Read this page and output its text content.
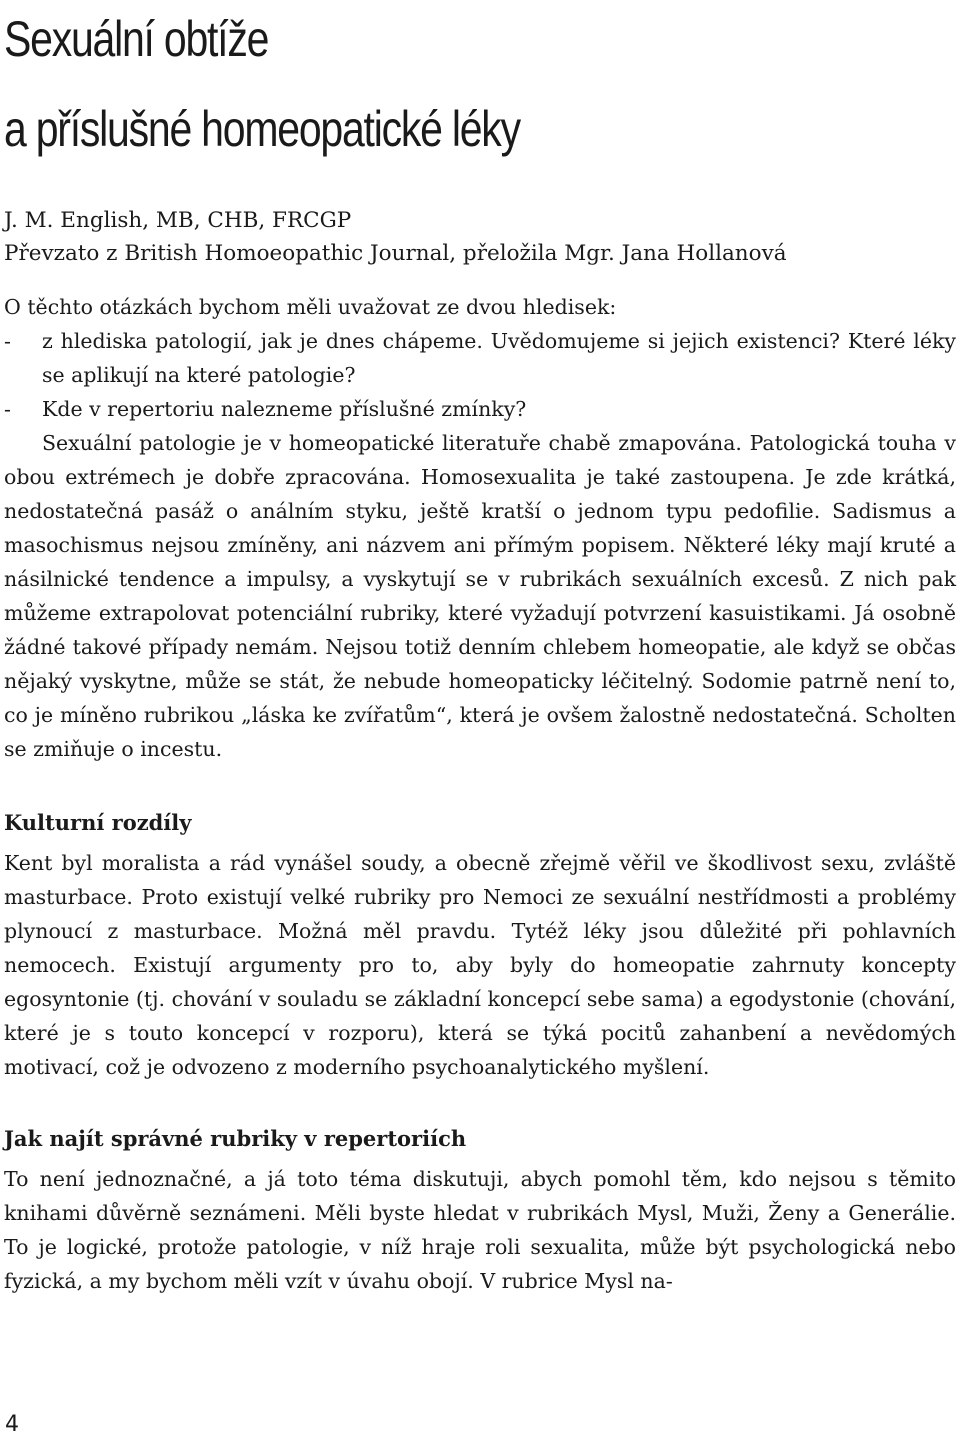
Sexuální obtíže
a příslušné homeopatické léky
J. M. English, MB, CHB, FRCGP
Převzato z British Homoeopathic Journal, přeložila Mgr. Jana Hollanová

O těchto otázkách bychom měli uvažovat ze dvou hledisek:

-	z hlediska patologií, jak je dnes chápeme. Uvědomujeme si jejich existenci? Které léky se aplikují na které patologie?
-	Kde v repertoriu nalezneme příslušné zmínky?

Sexuální patologie je v homeopatické literatuře chabě zmapována. Patologická touha v obou extrémech je dobře zpracována. Homosexualita je také zastoupena. Je zde krátká, nedostatečná pasáž o análním styku, ještě kratší o jednom typu pedofilie. Sadismus a masochismus nejsou zmíněny, ani názvem ani přímým popisem. Některé léky mají kruté a násilnické tendence a impulsy, a vyskytují se v rubrikách sexuálních excesů. Z nich pak můžeme extrapolovat potenciální rubriky, které vyžadují potvrzení kasuistikami. Já osobně žádné takové případy nemám. Nejsou totiž denním chlebem homeopatie, ale když se občas nějaký vyskytne, může se stát, že nebude homeopaticky léčitelný. Sodomie patrně není to, co je míněno rubrikou „láska ke zvířatům“, která je ovšem žalostně nedostatečná. Scholten se zmiňuje o incestu.

Kulturní rozdíly

Kent byl moralista a rád vynášel soudy, a obecně zřejmě věřil ve škodlivost sexu, zvláště masturbace. Proto existují velké rubriky pro Nemoci ze sexuální nestřídmosti a problémy plynoucí z masturbace. Možná měl pravdu. Tytéž léky jsou důležité při pohlavních nemocech. Existují argumenty pro to, aby byly do homeopatie zahrnuty koncepty egosyntonie (tj. chování v souladu se základní koncepcí sebe sama) a egodystonie (chování, které je s touto koncepcí v rozporu), která se týká pocitů zahanbení a nevědomých motivací, což je odvozeno z moderního psychoanalytického myšlení.

Jak najít správné rubriky v repertoriích

To není jednoznačné, a já toto téma diskutuji, abych pomohl těm, kdo nejsou s těmito knihami důvěrně seznámeni. Měli byste hledat v rubrikách Mysl, Muži, Ženy a Generálie. To je logické, protože patologie, v níž hraje roli sexualita, může být psychologická nebo fyzická, a my bychom měli vzít v úvahu obojí. V rubrice Mysl na-

4
